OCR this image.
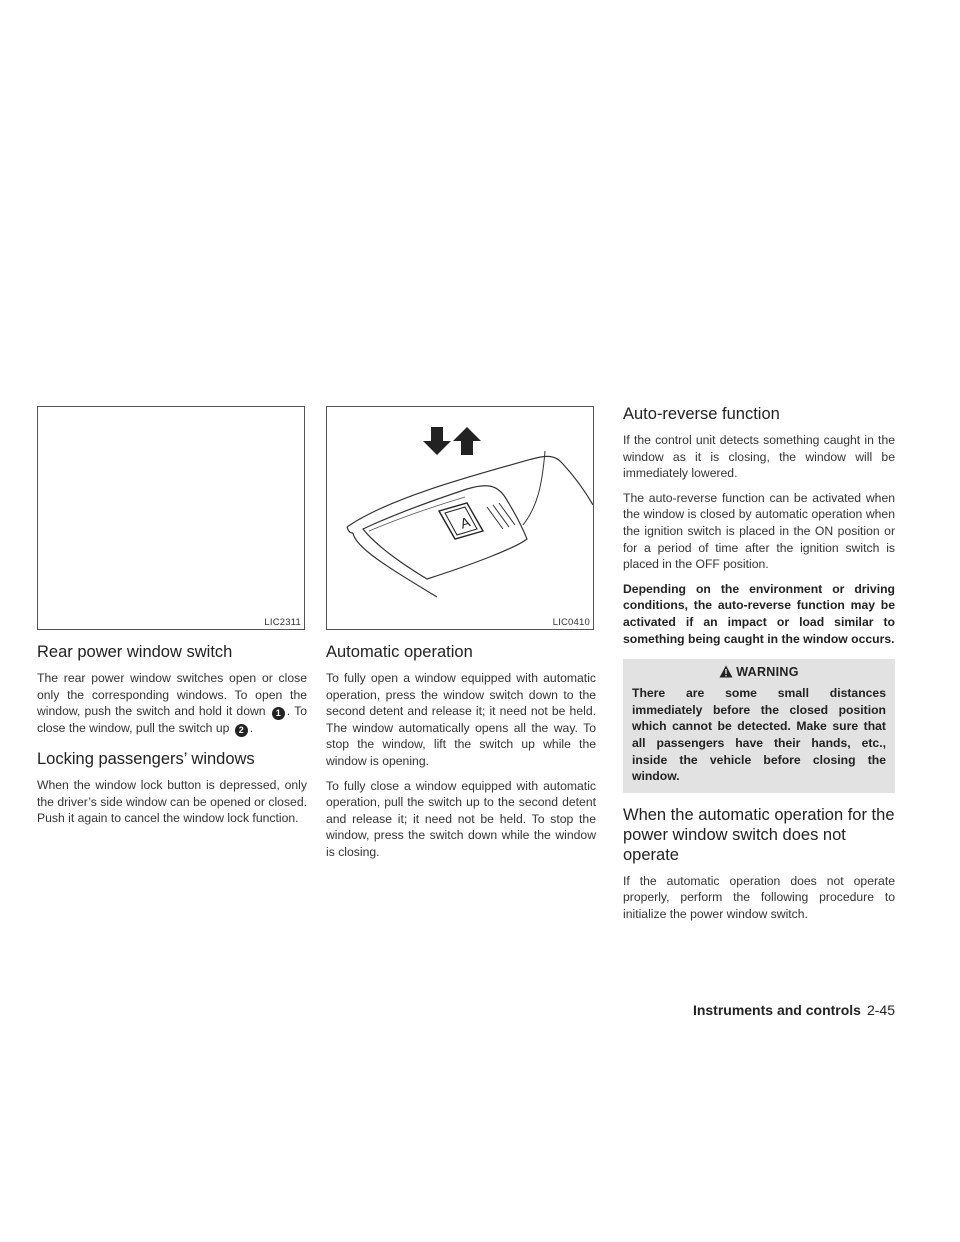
LIC2311
Rear power window switch

The rear power window switches open or close only the corresponding windows. To open the window, push the switch and hold it down 1 . To close the window, pull the switch up 2 .

Locking passengers’ windows

When the window lock button is depressed, only the driver’s side window can be opened or closed. Push it again to cancel the window lock function.

A
LIC0410
Automatic operation

To fully open a window equipped with automatic operation, press the window switch down to the second detent and release it; it need not be held. The window automatically opens all the way. To stop the window, lift the switch up while the window is opening.

To fully close a window equipped with automatic operation, pull the switch up to the second detent and release it; it need not be held. To stop the window, press the switch down while the window is closing.

Auto-reverse function

If the control unit detects something caught in the window as it is closing, the window will be immediately lowered.

The auto-reverse function can be activated when the window is closed by automatic operation when the ignition switch is placed in the ON position or for a period of time after the ignition switch is placed in the OFF position.

Depending on the environment or driving conditions, the auto-reverse function may be activated if an impact or load similar to something being caught in the window occurs.

WARNING

There are some small distances immediately before the closed position which cannot be detected. Make sure that all passengers have their hands, etc., inside the vehicle before closing the window.

When the automatic operation for the power window switch does not operate

If the automatic operation does not operate properly, perform the following procedure to initialize the power window switch.

Instruments and controls 2-45
